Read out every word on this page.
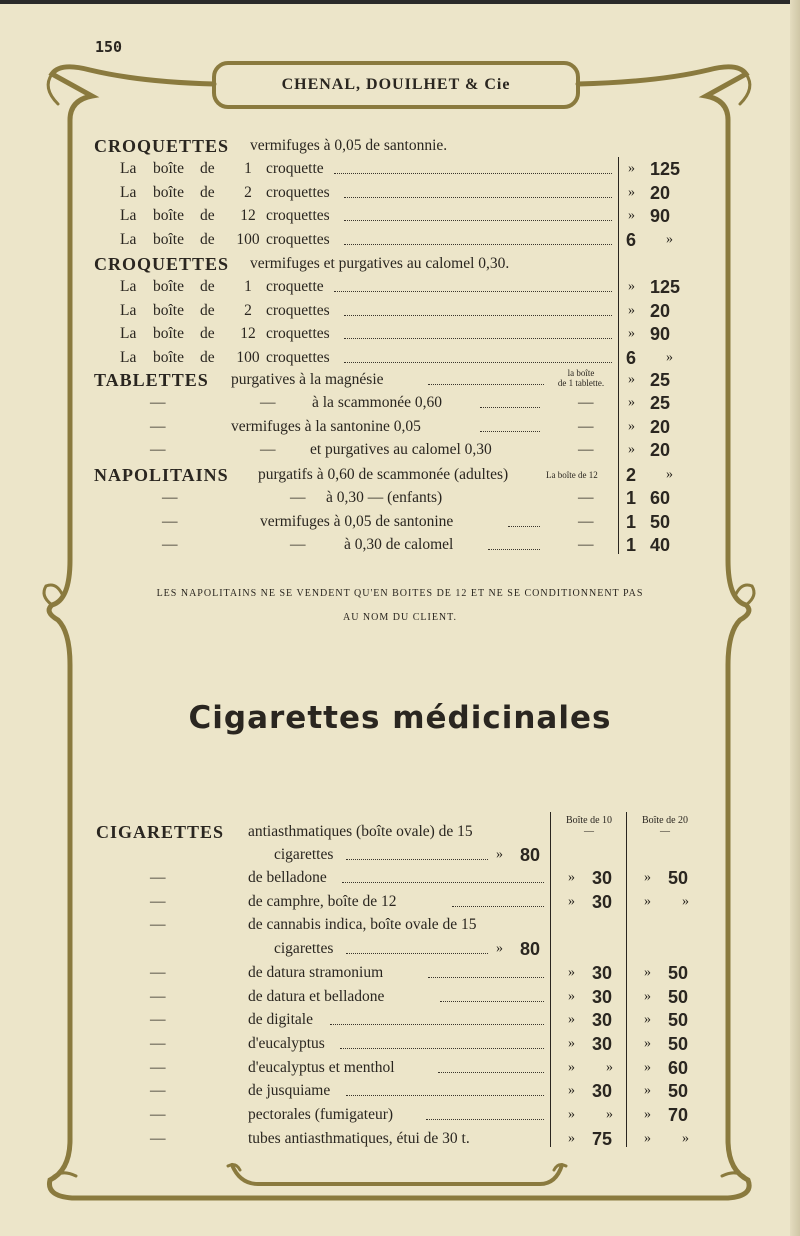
150
CHENAL, DOUILHET & Cie
CROQUETTES vermifuges à 0,05 de santonnie.
La boîte de	1 croquette	» 125
La boîte de	2 croquettes	» 20
La boîte de 12 croquettes	» 90
La boîte de 100 croquettes	6 »
CROQUETTES vermifuges et purgatives au calomel 0,30.
La boîte de	1 croquette	» 125
La boîte de	2 croquettes	» 20
La boîte de 12 croquettes	» 90
La boîte de 100 croquettes	6 »
TABLETTES purgatives à la magnésie	la boîte
de 1 tablette.	» 25
—	— à la scammonée 0,60	— » 25
—	vermifuges à la santonine 0,05	— » 20
—	— et purgatives au calomel 0,30	— » 20
NAPOLITAINS purgatifs à 0,60 de scammonée (adultes)	La boîte de 12	2 »
—	— à 0,30 — (enfants)	— 1 60
—	vermifuges à 0,05 de santonine	— 1 50
—	— à 0,30 de calomel	— 1 40
LES NAPOLITAINS NE SE VENDENT QU'EN BOITES DE 12 ET NE SE CONDITIONNENT PAS
AU NOM DU CLIENT.
Cigarettes médicinales
Boîte de 10
—
Boîte de 20
—
CIGARETTES antiasthmatiques (boîte ovale) de 15
cigarettes	» 80
—	de belladone	» 30 » 50
—	de camphre, boîte de 12	» 30 » »
—	de cannabis indica, boîte ovale de 15
cigarettes	» 80
—	de datura stramonium	» 30 » 50
—	de datura et belladone	» 30 » 50
—	de digitale	» 30 » 50
—	d'eucalyptus	» 30 » 50
—	d'eucalyptus et menthol	» » » 60
—	de jusquiame	» 30 » 50
—	pectorales (fumigateur)	» » » 70
—	tubes antiasthmatiques, étui de 30 t.	» 75 » »
